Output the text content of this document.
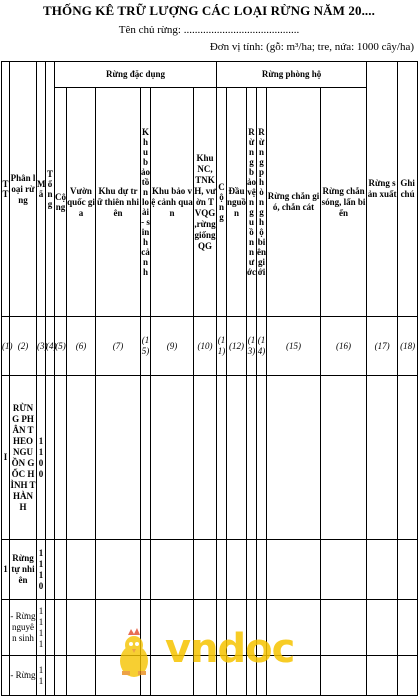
THỐNG KÊ TRỮ LƯỢNG CÁC LOẠI RỪNG NĂM 20....
Tên chủ rừng: ..........................................
Đơn vị tính: (gỗ: m³/ha; tre, nứa: 1000 cây/ha)
TT	Phân loại rừng	Mã	Tổng	Rừng đặc dụng						Rừng phòng hộ						Rừng sản xuất	Ghi chú
				Cộng	Vườn quốc gia	Khu dự trữ thiên nhiên	Khu bảo tồn loài - sinh cảnh	Khu bảo vệ cảnh quan	Khu NC, TNKH, vườn TVQG ,rừng giống QG	Cộng	Đầu nguồn	Rừng bảo vệ nguồn nước	Rừng phòng hộ biên giới	Rừng chắn gió, chắn cát	Rừng chắn sóng, lấn biển		
(1)	(2)	(3)	(4)	(5)	(6)	(7)	(15)	(9)	(10)	(11)	(12)	(13)	(14)	(15)	(16)	(17)	(18)
I	RỪNG PHÂN THEO NGUỒN GỐC HÌNH THÀNH	1100															
1	Rừng tự nhiên	1110															
	- Rừng nguyên sinh	1111															
	- Rừng	11															
vndoc
